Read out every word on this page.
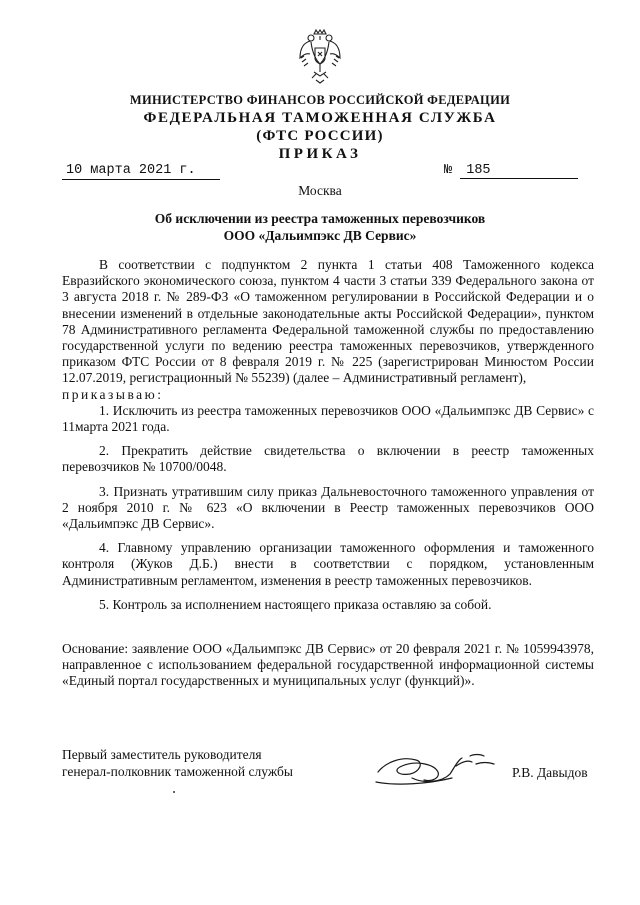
МИНИСТЕРСТВО ФИНАНСОВ РОССИЙСКОЙ ФЕДЕРАЦИИ
ФЕДЕРАЛЬНАЯ ТАМОЖЕННАЯ СЛУЖБА
(ФТС РОССИИ)
ПРИКАЗ
10 марта 2021 г.	№ 185
Москва
Об исключении из реестра таможенных перевозчиков
ООО «Дальимпэкс ДВ Сервис»

В соответствии с подпунктом 2 пункта 1 статьи 408 Таможенного кодекса Евразийского экономического союза, пунктом 4 части 3 статьи 339 Федерального закона от 3 августа 2018 г. № 289-ФЗ «О таможенном регулировании в Российской Федерации и о внесении изменений в отдельные законодательные акты Российской Федерации», пунктом 78 Административного регламента Федеральной таможенной службы по предоставлению государственной услуги по ведению реестра таможенных перевозчиков, утвержденного приказом ФТС России от 8 февраля 2019 г. № 225 (зарегистрирован Минюстом России 12.07.2019, регистрационный № 55239) (далее – Административный регламент),

приказываю:

1. Исключить из реестра таможенных перевозчиков ООО «Дальимпэкс ДВ Сервис» с 11марта 2021 года.

2. Прекратить действие свидетельства о включении в реестр таможенных перевозчиков № 10700/0048.

3. Признать утратившим силу приказ Дальневосточного таможенного управления от 2 ноября 2010 г. № 623 «О включении в Реестр таможенных перевозчиков ООО «Дальимпэкс ДВ Сервис».

4. Главному управлению организации таможенного оформления и таможенного контроля (Жуков Д.Б.) внести в соответствии с порядком, установленным Административным регламентом, изменения в реестр таможенных перевозчиков.

5. Контроль за исполнением настоящего приказа оставляю за собой.

Основание: заявление ООО «Дальимпэкс ДВ Сервис» от 20 февраля 2021 г. № 1059943978, направленное с использованием федеральной государственной информационной системы «Единый портал государственных и муниципальных услуг (функций)».
Первый заместитель руководителя
генерал-полковник таможенной службы	Р.В. Давыдов
